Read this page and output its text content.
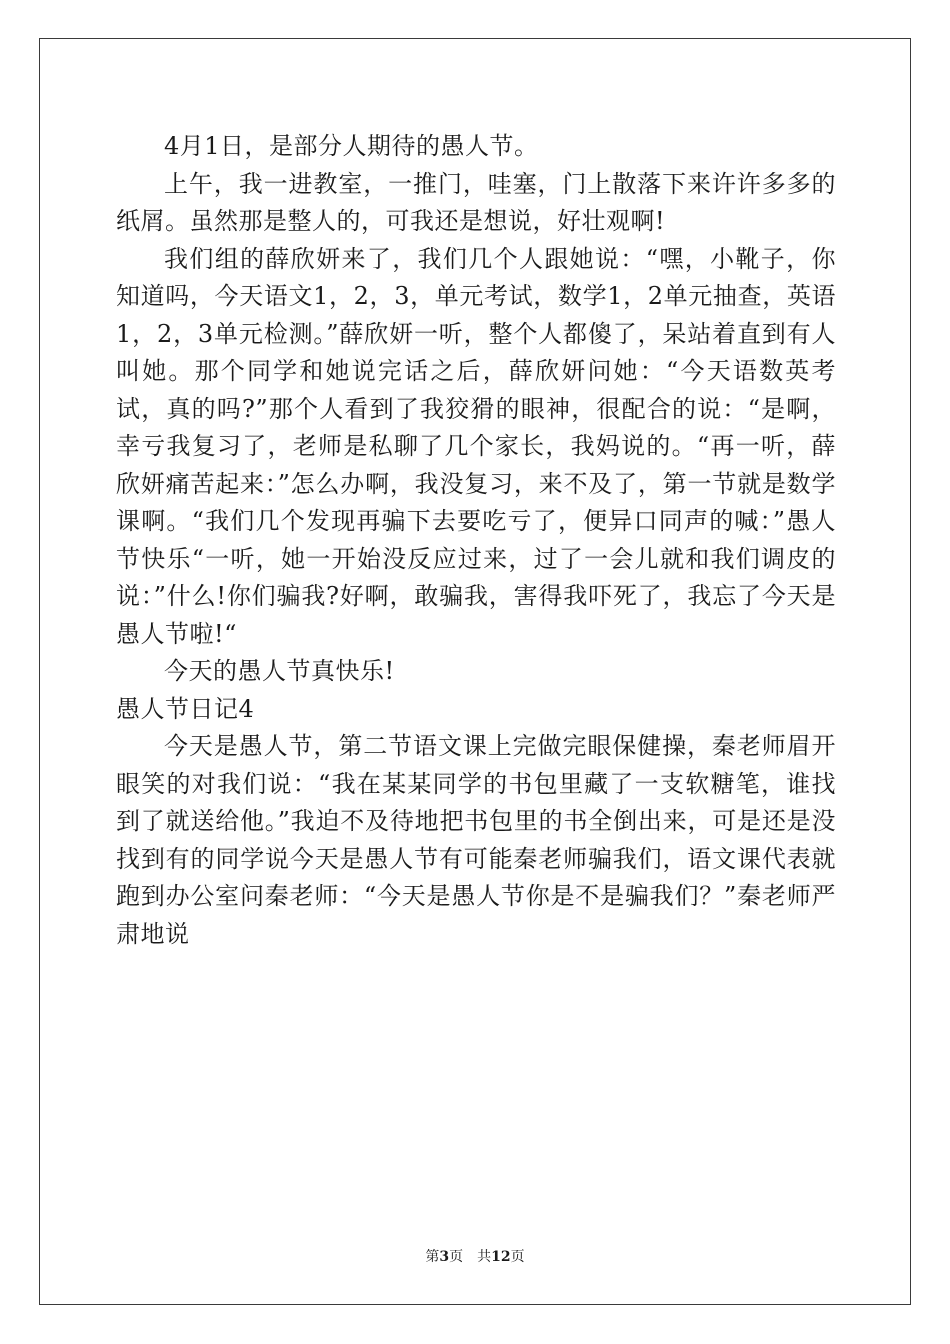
4月1日，是部分人期待的愚人节。

上午，我一进教室，一推门，哇塞，门上散落下来许许多多的纸屑。虽然那是整人的，可我还是想说，好壮观啊!

我们组的薛欣妍来了，我们几个人跟她说：“嘿，小靴子，你知道吗，今天语文1，2，3，单元考试，数学1，2单元抽查，英语1，2，3单元检测。”薛欣妍一听，整个人都傻了，呆站着直到有人叫她。那个同学和她说完话之后，薛欣妍问她：“今天语数英考试，真的吗?”那个人看到了我狡猾的眼神，很配合的说：“是啊，幸亏我复习了，老师是私聊了几个家长，我妈说的。“再一听，薛欣妍痛苦起来：”怎么办啊，我没复习，来不及了，第一节就是数学课啊。“我们几个发现再骗下去要吃亏了，便异口同声的喊：”愚人节快乐“一听，她一开始没反应过来，过了一会儿就和我们调皮的说：”什么!你们骗我?好啊，敢骗我，害得我吓死了，我忘了今天是愚人节啦!“

今天的愚人节真快乐!

愚人节日记4

今天是愚人节，第二节语文课上完做完眼保健操，秦老师眉开眼笑的对我们说：“我在某某同学的书包里藏了一支软糖笔，谁找到了就送给他。”我迫不及待地把书包里的书全倒出来，可是还是没找到有的同学说今天是愚人节有可能秦老师骗我们，语文课代表就跑到办公室问秦老师：“今天是愚人节你是不是骗我们？”秦老师严肃地说

第3页 共12页
